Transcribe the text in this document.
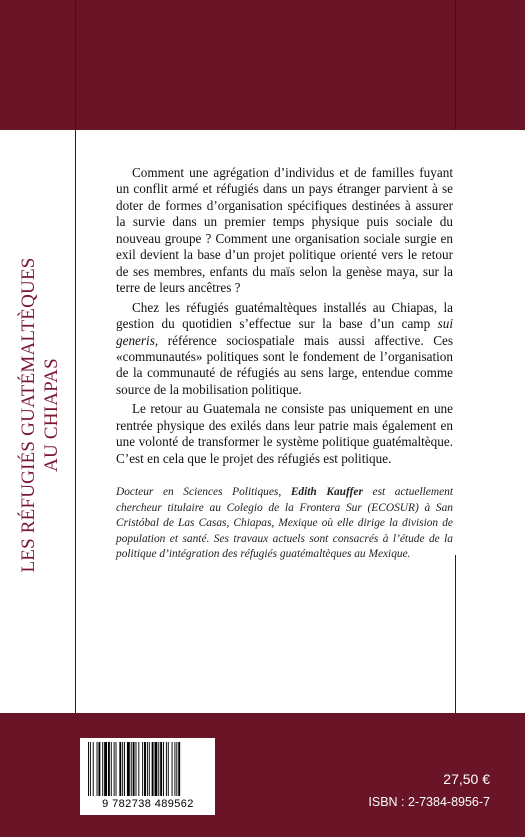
LES RÉFUGIÉS GUATÉMALTÈQUES AU CHIAPAS

Comment une agrégation d’individus et de familles fuyant un conflit armé et réfugiés dans un pays étranger parvient à se doter de formes d’organisation spécifiques destinées à assurer la survie dans un premier temps physique puis sociale du nouveau groupe ? Comment une organisation sociale surgie en exil devient la base d’un projet politique orienté vers le retour de ses membres, enfants du maïs selon la genèse maya, sur la terre de leurs ancêtres ?

Chez les réfugiés guatémaltèques installés au Chiapas, la gestion du quotidien s’effectue sur la base d’un camp sui generis, référence sociospatiale mais aussi affective. Ces «communautés» politiques sont le fondement de l’organisation de la communauté de réfugiés au sens large, entendue comme source de la mobilisation politique.

Le retour au Guatemala ne consiste pas uniquement en une rentrée physique des exilés dans leur patrie mais également en une volonté de transformer le système politique guatémaltèque. C’est en cela que le projet des réfugiés est politique.

Docteur en Sciences Politiques, Edith Kauffer est actuellement chercheur titulaire au Colegio de la Frontera Sur (ECOSUR) à San Cristóbal de Las Casas, Chiapas, Mexique où elle dirige la division de population et santé. Ses travaux actuels sont consacrés à l’étude de la politique d’intégration des réfugiés guatémaltèques au Mexique.
9 782738 489562
27,50 €
ISBN : 2-7384-8956-7
